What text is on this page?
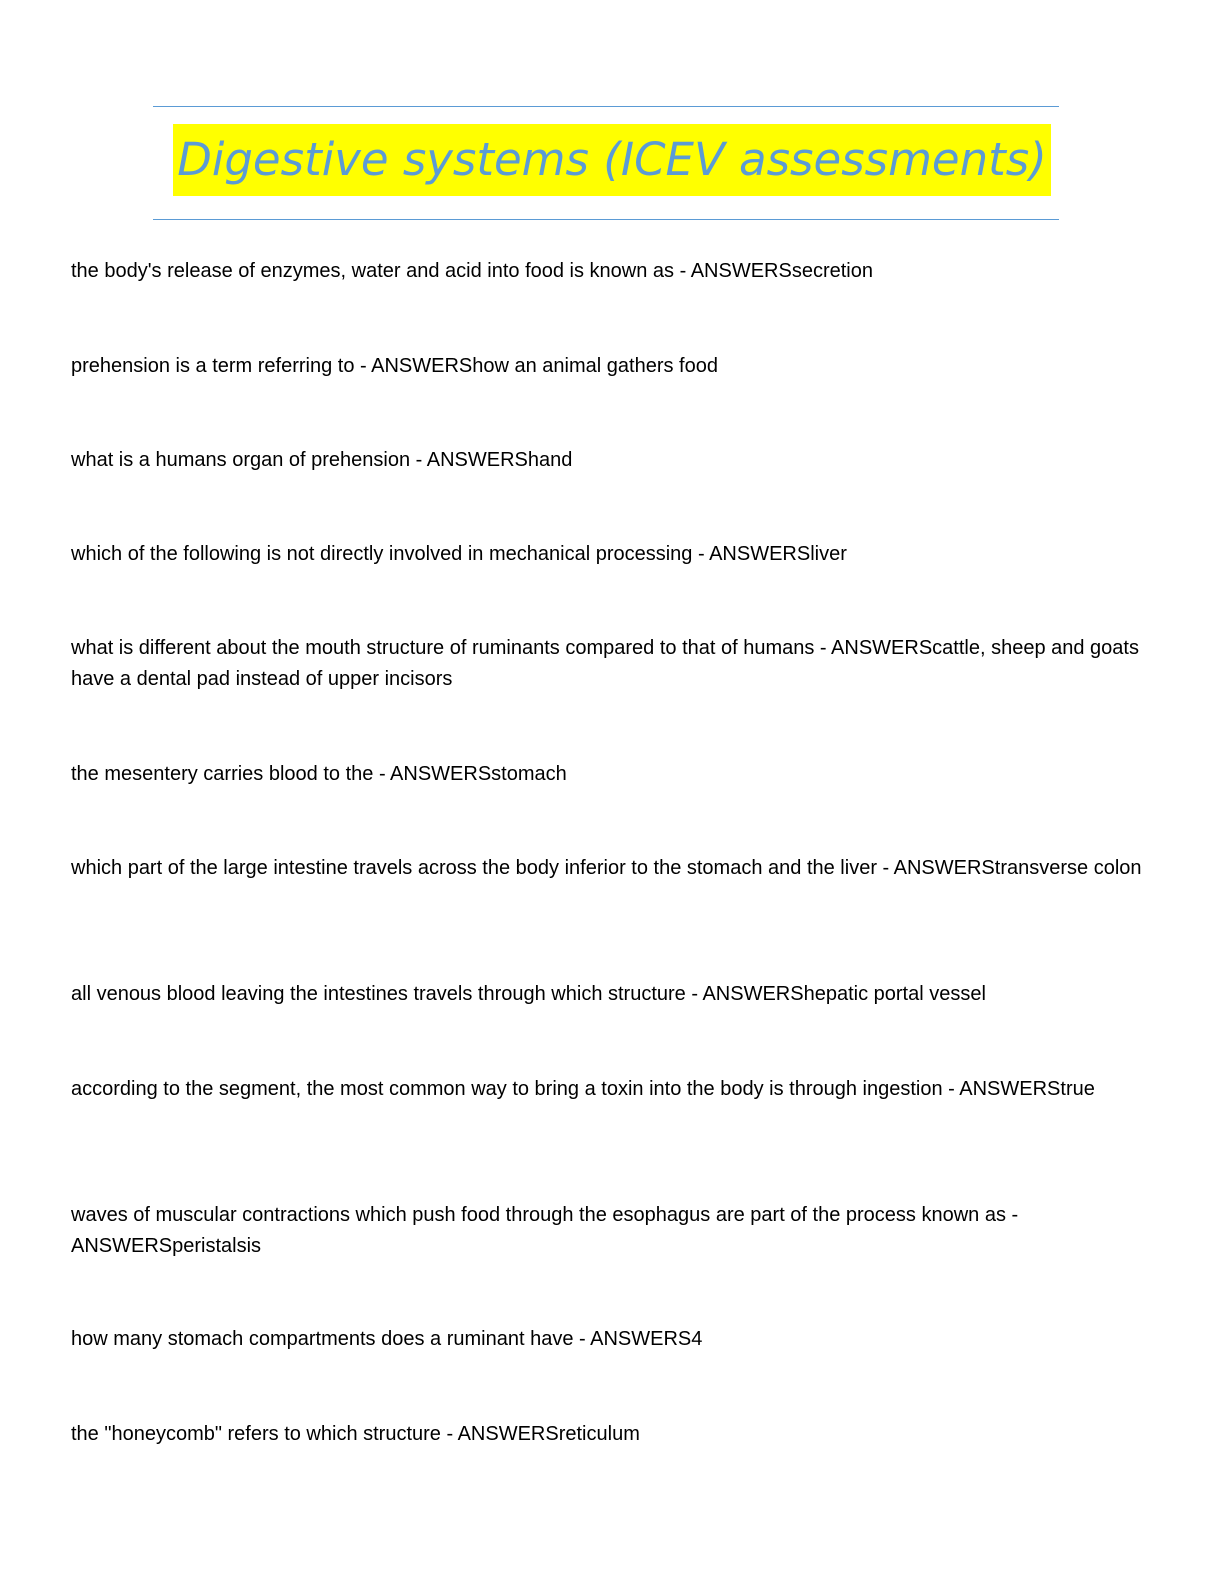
Digestive systems (ICEV assessments)

the body's release of enzymes, water and acid into food is known as - ANSWERSsecretion

prehension is a term referring to - ANSWERShow an animal gathers food

what is a humans organ of prehension - ANSWERShand

which of the following is not directly involved in mechanical processing - ANSWERSliver

what is different about the mouth structure of ruminants compared to that of humans - ANSWERScattle, sheep and goats have a dental pad instead of upper incisors

the mesentery carries blood to the - ANSWERSstomach

which part of the large intestine travels across the body inferior to the stomach and the liver - ANSWERStransverse colon

all venous blood leaving the intestines travels through which structure - ANSWERShepatic portal vessel

according to the segment, the most common way to bring a toxin into the body is through ingestion - ANSWERStrue

waves of muscular contractions which push food through the esophagus are part of the process known as - ANSWERSperistalsis

how many stomach compartments does a ruminant have - ANSWERS4

the "honeycomb" refers to which structure - ANSWERSreticulum
